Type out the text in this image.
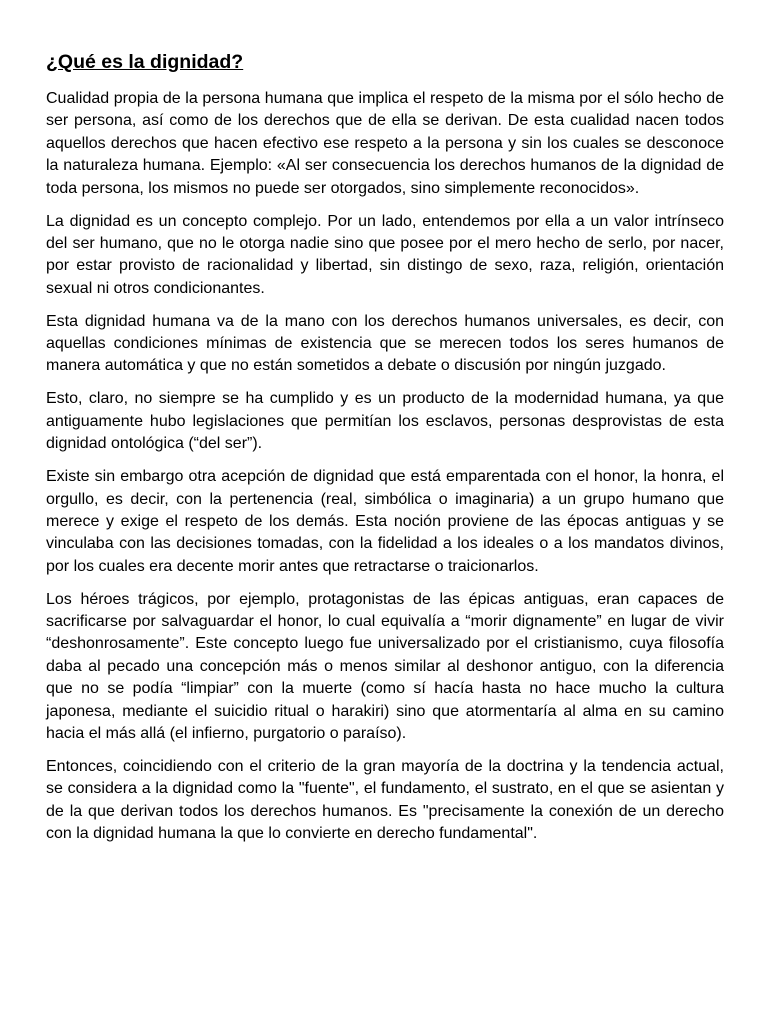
¿Qué es la dignidad?

Cualidad propia de la persona humana que implica el respeto de la misma por el sólo hecho de ser persona, así como de los derechos que de ella se derivan. De esta cualidad nacen todos aquellos derechos que hacen efectivo ese respeto a la persona y sin los cuales se desconoce la naturaleza humana. Ejemplo: «Al ser consecuencia los derechos humanos de la dignidad de toda persona, los mismos no puede ser otorgados, sino simplemente reconocidos».

La dignidad es un concepto complejo. Por un lado, entendemos por ella a un valor intrínseco del ser humano, que no le otorga nadie sino que posee por el mero hecho de serlo, por nacer, por estar provisto de racionalidad y libertad, sin distingo de sexo, raza, religión, orientación sexual ni otros condicionantes.

Esta dignidad humana va de la mano con los derechos humanos universales, es decir, con aquellas condiciones mínimas de existencia que se merecen todos los seres humanos de manera automática y que no están sometidos a debate o discusión por ningún juzgado.

Esto, claro, no siempre se ha cumplido y es un producto de la modernidad humana, ya que antiguamente hubo legislaciones que permitían los esclavos, personas desprovistas de esta dignidad ontológica (“del ser”).

Existe sin embargo otra acepción de dignidad que está emparentada con el honor, la honra, el orgullo, es decir, con la pertenencia (real, simbólica o imaginaria) a un grupo humano que merece y exige el respeto de los demás. Esta noción proviene de las épocas antiguas y se vinculaba con las decisiones tomadas, con la fidelidad a los ideales o a los mandatos divinos, por los cuales era decente morir antes que retractarse o traicionarlos.

Los héroes trágicos, por ejemplo, protagonistas de las épicas antiguas, eran capaces de sacrificarse por salvaguardar el honor, lo cual equivalía a “morir dignamente” en lugar de vivir “deshonrosamente”. Este concepto luego fue universalizado por el cristianismo, cuya filosofía daba al pecado una concepción más o menos similar al deshonor antiguo, con la diferencia que no se podía “limpiar” con la muerte (como sí hacía hasta no hace mucho la cultura japonesa, mediante el suicidio ritual o harakiri) sino que atormentaría al alma en su camino hacia el más allá (el infierno, purgatorio o paraíso).

Entonces, coincidiendo con el criterio de la gran mayoría de la doctrina y la tendencia actual, se considera a la dignidad como la "fuente", el fundamento, el sustrato, en el que se asientan y de la que derivan todos los derechos humanos. Es "precisamente la conexión de un derecho con la dignidad humana la que lo convierte en derecho fundamental".
